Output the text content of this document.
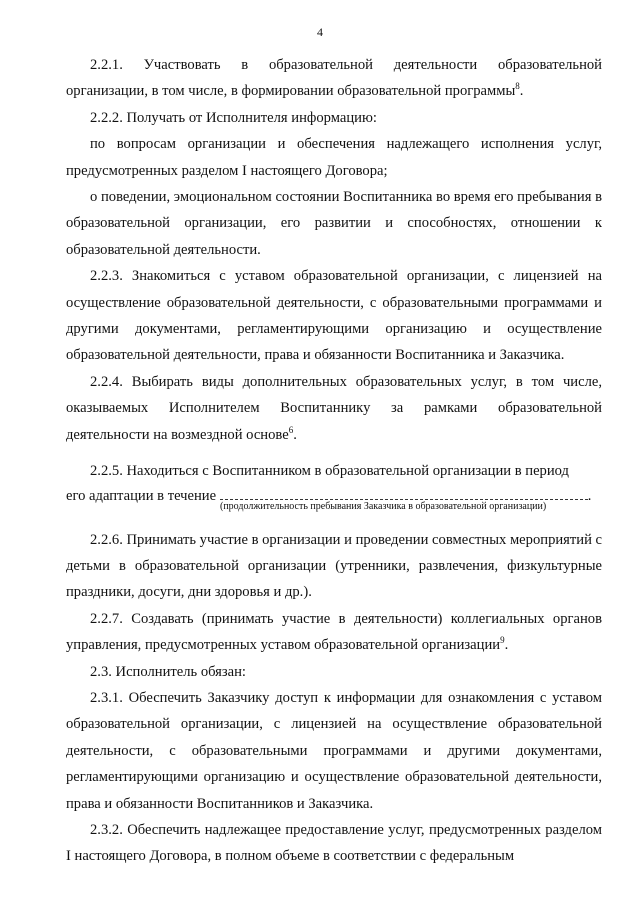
4

2.2.1. Участвовать в образовательной деятельности образовательной организации, в том числе, в формировании образовательной программы$^8$.

2.2.2. Получать от Исполнителя информацию:

по вопросам организации и обеспечения надлежащего исполнения услуг, предусмотренных разделом I настоящего Договора;

о поведении, эмоциональном состоянии Воспитанника во время его пребывания в образовательной организации, его развитии и способностях, отношении к образовательной деятельности.

2.2.3. Знакомиться с уставом образовательной организации, с лицензией на осуществление образовательной деятельности, с образовательными программами и другими документами, регламентирующими организацию и осуществление образовательной деятельности, права и обязанности Воспитанника и Заказчика.

2.2.4. Выбирать виды дополнительных образовательных услуг, в том числе, оказываемых Исполнителем Воспитаннику за рамками образовательной деятельности на возмездной основе$^6$.

2.2.5. Находиться с Воспитанником в образовательной организации в период

его адаптации в течение	.

(продолжительность пребывания Заказчика в образовательной организации)

2.2.6. Принимать участие в организации и проведении совместных мероприятий с детьми в образовательной организации (утренники, развлечения, физкультурные праздники, досуги, дни здоровья и др.).

2.2.7. Создавать (принимать участие в деятельности) коллегиальных органов управления, предусмотренных уставом образовательной организации$^9$.

2.3. Исполнитель обязан:

2.3.1. Обеспечить Заказчику доступ к информации для ознакомления с уставом образовательной организации, с лицензией на осуществление образовательной деятельности, с образовательными программами и другими документами, регламентирующими организацию и осуществление образовательной деятельности, права и обязанности Воспитанников и Заказчика.

2.3.2. Обеспечить надлежащее предоставление услуг, предусмотренных разделом I настоящего Договора, в полном объеме в соответствии с федеральным
